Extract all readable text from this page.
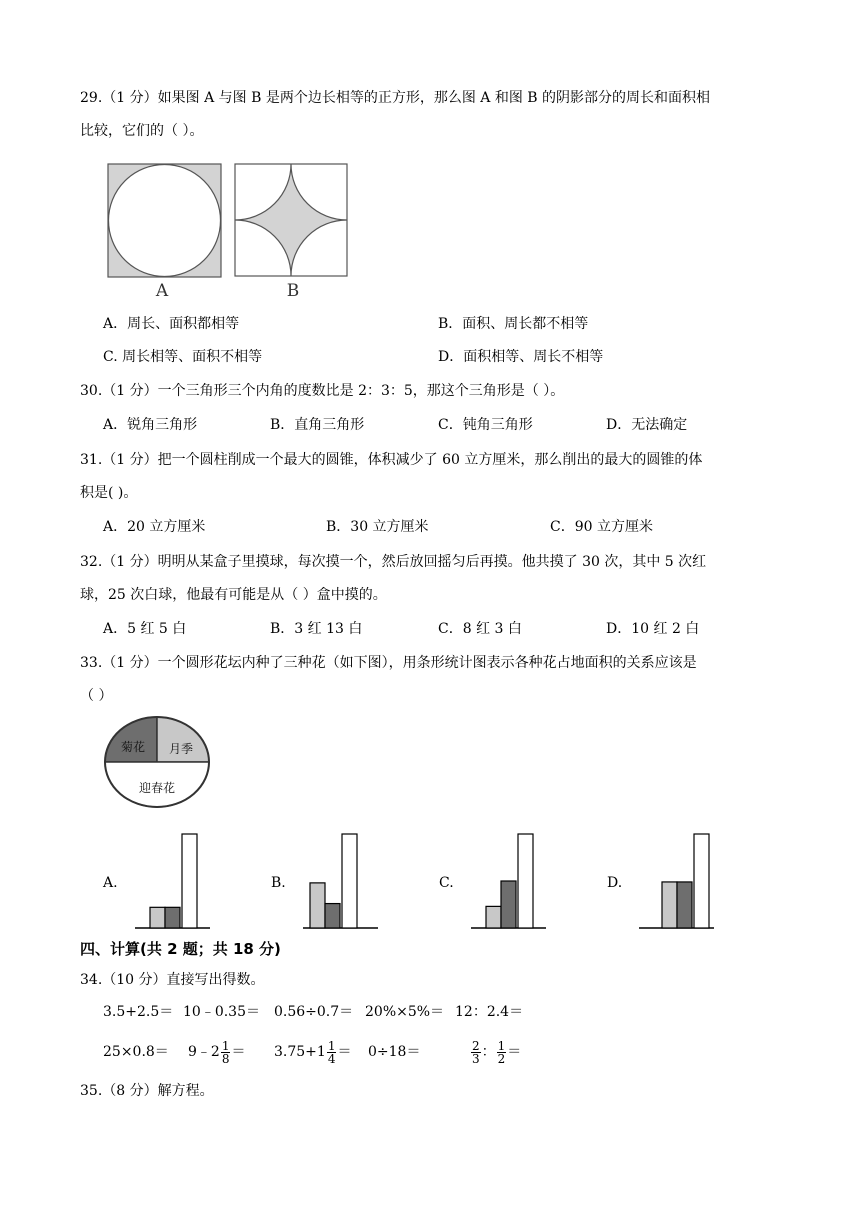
29.（1 分）如果图 A 与图 B 是两个边长相等的正方形，那么图 A 和图 B 的阴影部分的周长和面积相
比较，它们的（ ）。
A	B
A．周长、面积都相等	B．面积、周长都不相等
C. 周长相等、面积不相等	D．面积相等、周长不相等
30.（1 分）一个三角形三个内角的度数比是 2：3：5，那这个三角形是（ ）。
A．锐角三角形	B．直角三角形	C．钝角三角形	D．无法确定
31.（1 分）把一个圆柱削成一个最大的圆锥，体积减少了 60 立方厘米，那么削出的最大的圆锥的体
积是( )。
A．20 立方厘米	B．30 立方厘米	C．90 立方厘米
32.（1 分）明明从某盒子里摸球，每次摸一个，然后放回摇匀后再摸。他共摸了 30 次，其中 5 次红
球，25 次白球，他最有可能是从（ ）盒中摸的。
A．5 红 5 白	B．3 红 13 白	C．8 红 3 白	D．10 红 2 白
33.（1 分）一个圆形花坛内种了三种花（如下图），用条形统计图表示各种花占地面积的关系应该是
（ ）
菊花 月季
迎春花
A.	B.	C.	D.
四、计算(共 2 题；共 18 分)
34.（10 分）直接写出得数。
3.5+2.5＝ 10﹣0.35＝ 0.56÷0.7＝ 20%×5%＝ 12：2.4＝
25×0.8＝ 9﹣2 $\frac{1}{8} = 3.75+1 \frac{1}{4} = 0\div 18=$	$\frac{2}{3}$ ： $\frac{1}{2}$ ＝
35.（8 分）解方程。
